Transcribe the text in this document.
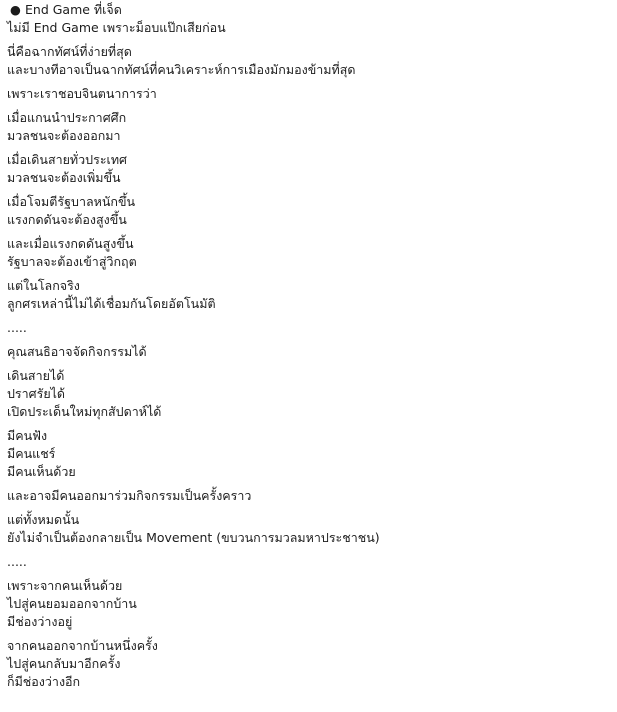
● End Game ที่เจ็ด
ไม่มี End Game เพราะม็อบแป๊กเสียก่อน
นี่คือฉากทัศน์ที่ง่ายที่สุด
และบางทีอาจเป็นฉากทัศน์ที่คนวิเคราะห์การเมืองมักมองข้ามที่สุด
เพราะเราชอบจินตนาการว่า
เมื่อแกนนำประกาศศึก
มวลชนจะต้องออกมา
เมื่อเดินสายทั่วประเทศ
มวลชนจะต้องเพิ่มขึ้น
เมื่อโจมตีรัฐบาลหนักขึ้น
แรงกดดันจะต้องสูงขึ้น
และเมื่อแรงกดดันสูงขึ้น
รัฐบาลจะต้องเข้าสู่วิกฤต
แต่ในโลกจริง
ลูกศรเหล่านี้ไม่ได้เชื่อมกันโดยอัตโนมัติ
.....
คุณสนธิอาจจัดกิจกรรมได้
เดินสายได้
ปราศรัยได้
เปิดประเด็นใหม่ทุกสัปดาห์ได้
มีคนฟัง
มีคนแชร์
มีคนเห็นด้วย
และอาจมีคนออกมาร่วมกิจกรรมเป็นครั้งคราว
แต่ทั้งหมดนั้น
ยังไม่จำเป็นต้องกลายเป็น Movement (ขบวนการมวลมหาประชาชน)
.....
เพราะจากคนเห็นด้วย
ไปสู่คนยอมออกจากบ้าน
มีช่องว่างอยู่
จากคนออกจากบ้านหนึ่งครั้ง
ไปสู่คนกลับมาอีกครั้ง
ก็มีช่องว่างอีก
